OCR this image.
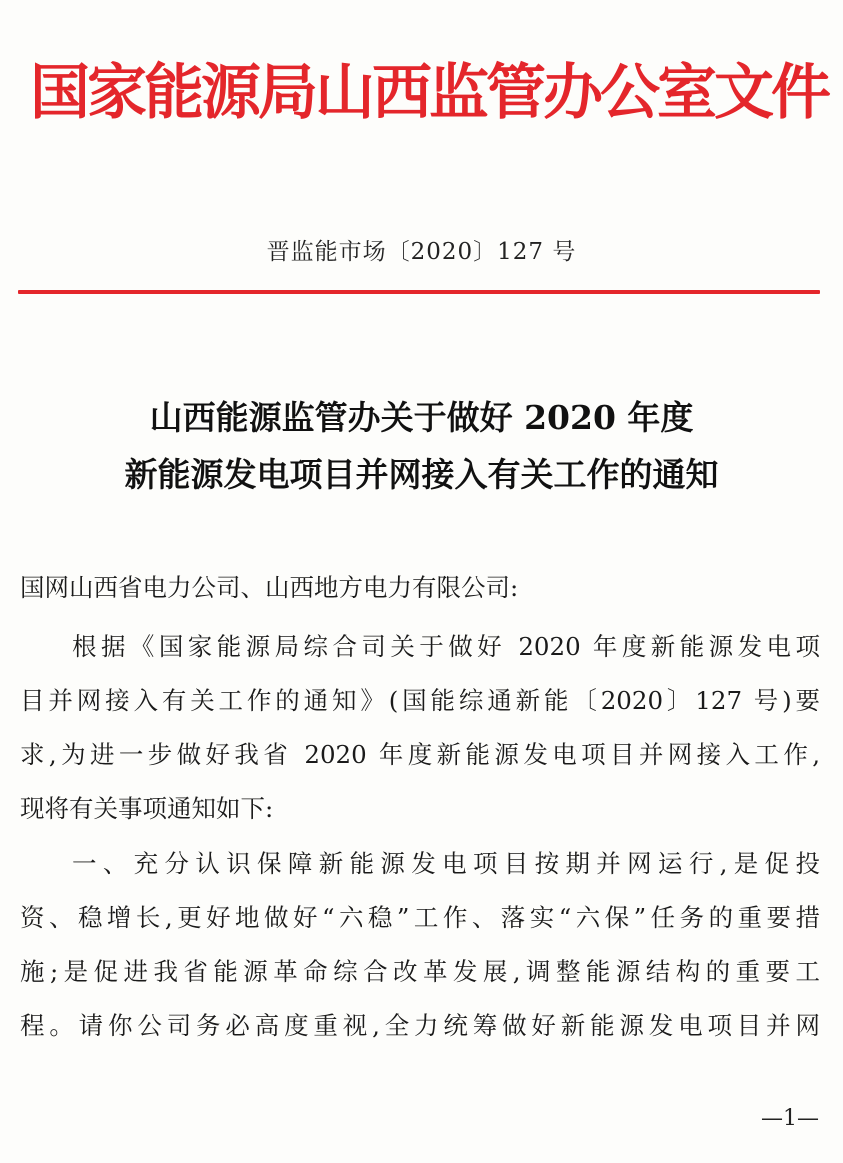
国家能源局山西监管办公室文件
晋监能市场〔2020〕127 号
山西能源监管办关于做好 2020 年度
新能源发电项目并网接入有关工作的通知
国网山西省电力公司、山西地方电力有限公司:
根据《国家能源局综合司关于做好 2020 年度新能源发电项
目并网接入有关工作的通知》(国能综通新能〔2020〕127 号)要
求,为进一步做好我省 2020 年度新能源发电项目并网接入工作,
现将有关事项通知如下:
一、充分认识保障新能源发电项目按期并网运行,是促投
资、稳增长,更好地做好“六稳”工作、落实“六保”任务的重要措
施;是促进我省能源革命综合改革发展,调整能源结构的重要工
程。请你公司务必高度重视,全力统筹做好新能源发电项目并网
—1—
